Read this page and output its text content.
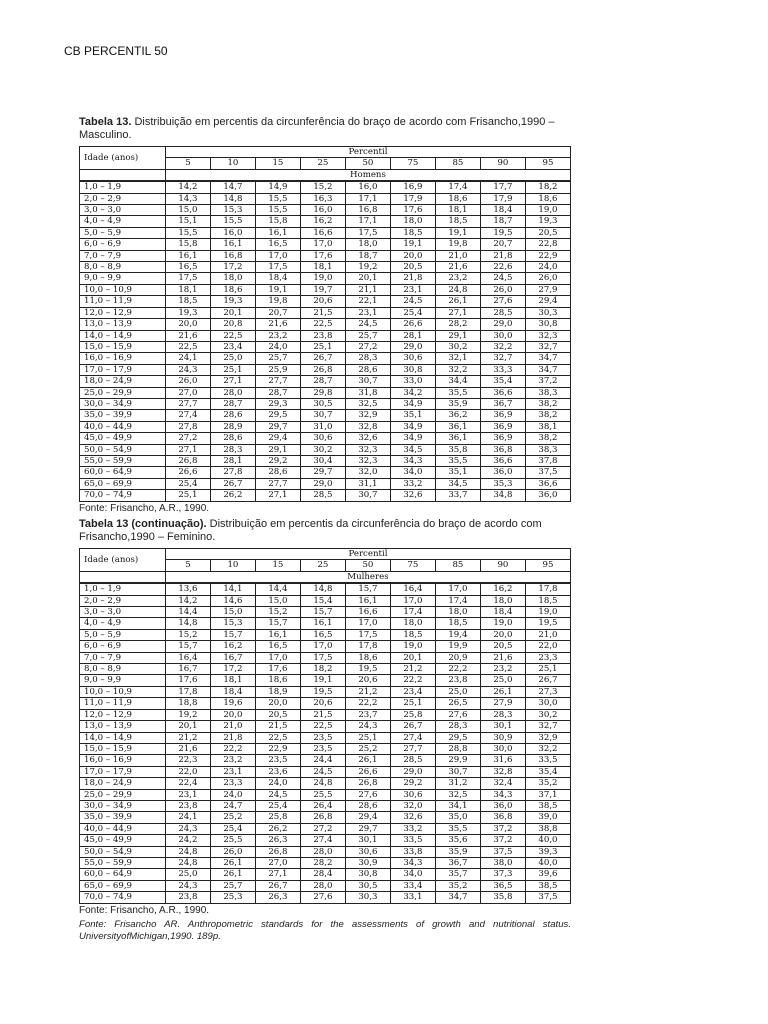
CB PERCENTIL 50
Tabela 13. Distribuição em percentis da circunferência do braço de acordo com Frisancho,1990 – Masculino.
Idade (anos)	Percentil								
	5	10	15	25	50	75	85	90	95
	Homens								
1,0 – 1,9	14,2	14,7	14,9	15,2	16,0	16,9	17,4	17,7	18,2
2,0 – 2,9	14,3	14,8	15,5	16,3	17,1	17,9	18,6	17,9	18,6
3,0 – 3,0	15,0	15,3	15,5	16,0	16,8	17,6	18,1	18,4	19,0
4,0 – 4,9	15,1	15,5	15,8	16,2	17,1	18,0	18,5	18,7	19,3
5,0 – 5,9	15,5	16,0	16,1	16,6	17,5	18,5	19,1	19,5	20,5
6,0 – 6,9	15,8	16,1	16,5	17,0	18,0	19,1	19,8	20,7	22,8
7,0 – 7,9	16,1	16,8	17,0	17,6	18,7	20,0	21,0	21,8	22,9
8,0 – 8,9	16,5	17,2	17,5	18,1	19,2	20,5	21,6	22,6	24,0
9,0 – 9,9	17,5	18,0	18,4	19,0	20,1	21,8	23,2	24,5	26,0
10,0 – 10,9	18,1	18,6	19,1	19,7	21,1	23,1	24,8	26,0	27,9
11,0 – 11,9	18,5	19,3	19,8	20,6	22,1	24,5	26,1	27,6	29,4
12,0 – 12,9	19,3	20,1	20,7	21,5	23,1	25,4	27,1	28,5	30,3
13,0 – 13,9	20,0	20,8	21,6	22,5	24,5	26,6	28,2	29,0	30,8
14,0 – 14,9	21,6	22,5	23,2	23,8	25,7	28,1	29,1	30,0	32,3
15,0 – 15,9	22,5	23,4	24,0	25,1	27,2	29,0	30,2	32,2	32,7
16,0 – 16,9	24,1	25,0	25,7	26,7	28,3	30,6	32,1	32,7	34,7
17,0 – 17,9	24,3	25,1	25,9	26,8	28,6	30,8	32,2	33,3	34,7
18,0 – 24,9	26,0	27,1	27,7	28,7	30,7	33,0	34,4	35,4	37,2
25,0 – 29,9	27,0	28,0	28,7	29,8	31,8	34,2	35,5	36,6	38,3
30,0 – 34,9	27,7	28,7	29,3	30,5	32,5	34,9	35,9	36,7	38,2
35,0 – 39,9	27,4	28,6	29,5	30,7	32,9	35,1	36,2	36,9	38,2
40,0 – 44,9	27,8	28,9	29,7	31,0	32,8	34,9	36,1	36,9	38,1
45,0 – 49,9	27,2	28,6	29,4	30,6	32,6	34,9	36,1	36,9	38,2
50,0 – 54,9	27,1	28,3	29,1	30,2	32,3	34,5	35,8	36,8	38,3
55,0 – 59,9	26,8	28,1	29,2	30,4	32,3	34,3	35,5	36,6	37,8
60,0 – 64,9	26,6	27,8	28,6	29,7	32,0	34,0	35,1	36,0	37,5
65,0 – 69,9	25,4	26,7	27,7	29,0	31,1	33,2	34,5	35,3	36,6
70,0 – 74,9	25,1	26,2	27,1	28,5	30,7	32,6	33,7	34,8	36,0
Fonte: Frisancho, A.R., 1990.
Tabela 13 (continuação). Distribuição em percentis da circunferência do braço de acordo com Frisancho,1990 – Feminino.
Idade (anos)	Percentil								
	5	10	15	25	50	75	85	90	95
	Mulheres								
1,0 – 1,9	13,6	14,1	14,4	14,8	15,7	16,4	17,0	16,2	17,8
2,0 – 2,9	14,2	14,6	15,0	15,4	16,1	17,0	17,4	18,0	18,5
3,0 – 3,0	14,4	15,0	15,2	15,7	16,6	17,4	18,0	18,4	19,0
4,0 – 4,9	14,8	15,3	15,7	16,1	17,0	18,0	18,5	19,0	19,5
5,0 – 5,9	15,2	15,7	16,1	16,5	17,5	18,5	19,4	20,0	21,0
6,0 – 6,9	15,7	16,2	16,5	17,0	17,8	19,0	19,9	20,5	22,0
7,0 – 7,9	16,4	16,7	17,0	17,5	18,6	20,1	20,9	21,6	23,3
8,0 – 8,9	16,7	17,2	17,6	18,2	19,5	21,2	22,2	23,2	25,1
9,0 – 9,9	17,6	18,1	18,6	19,1	20,6	22,2	23,8	25,0	26,7
10,0 – 10,9	17,8	18,4	18,9	19,5	21,2	23,4	25,0	26,1	27,3
11,0 – 11,9	18,8	19,6	20,0	20,6	22,2	25,1	26,5	27,9	30,0
12,0 – 12,9	19,2	20,0	20,5	21,5	23,7	25,8	27,6	28,3	30,2
13,0 – 13,9	20,1	21,0	21,5	22,5	24,3	26,7	28,3	30,1	32,7
14,0 – 14,9	21,2	21,8	22,5	23,5	25,1	27,4	29,5	30,9	32,9
15,0 – 15,9	21,6	22,2	22,9	23,5	25,2	27,7	28,8	30,0	32,2
16,0 – 16,9	22,3	23,2	23,5	24,4	26,1	28,5	29,9	31,6	33,5
17,0 – 17,9	22,0	23,1	23,6	24,5	26,6	29,0	30,7	32,8	35,4
18,0 – 24,9	22,4	23,3	24,0	24,8	26,8	29,2	31,2	32,4	35,2
25,0 – 29,9	23,1	24,0	24,5	25,5	27,6	30,6	32,5	34,3	37,1
30,0 – 34,9	23,8	24,7	25,4	26,4	28,6	32,0	34,1	36,0	38,5
35,0 – 39,9	24,1	25,2	25,8	26,8	29,4	32,6	35,0	36,8	39,0
40,0 – 44,9	24,3	25,4	26,2	27,2	29,7	33,2	35,5	37,2	38,8
45,0 – 49,9	24,2	25,5	26,3	27,4	30,1	33,5	35,6	37,2	40,0
50,0 – 54,9	24,8	26,0	26,8	28,0	30,6	33,8	35,9	37,5	39,3
55,0 – 59,9	24,8	26,1	27,0	28,2	30,9	34,3	36,7	38,0	40,0
60,0 – 64,9	25,0	26,1	27,1	28,4	30,8	34,0	35,7	37,3	39,6
65,0 – 69,9	24,3	25,7	26,7	28,0	30,5	33,4	35,2	36,5	38,5
70,0 – 74,9	23,8	25,3	26,3	27,6	30,3	33,1	34,7	35,8	37,5
Fonte: Frisancho, A.R., 1990.
Fonte: Frisancho AR. Anthropometric standards for the assessments of growth and nutritional status. UniversityofMichigan,1990. 189p.
